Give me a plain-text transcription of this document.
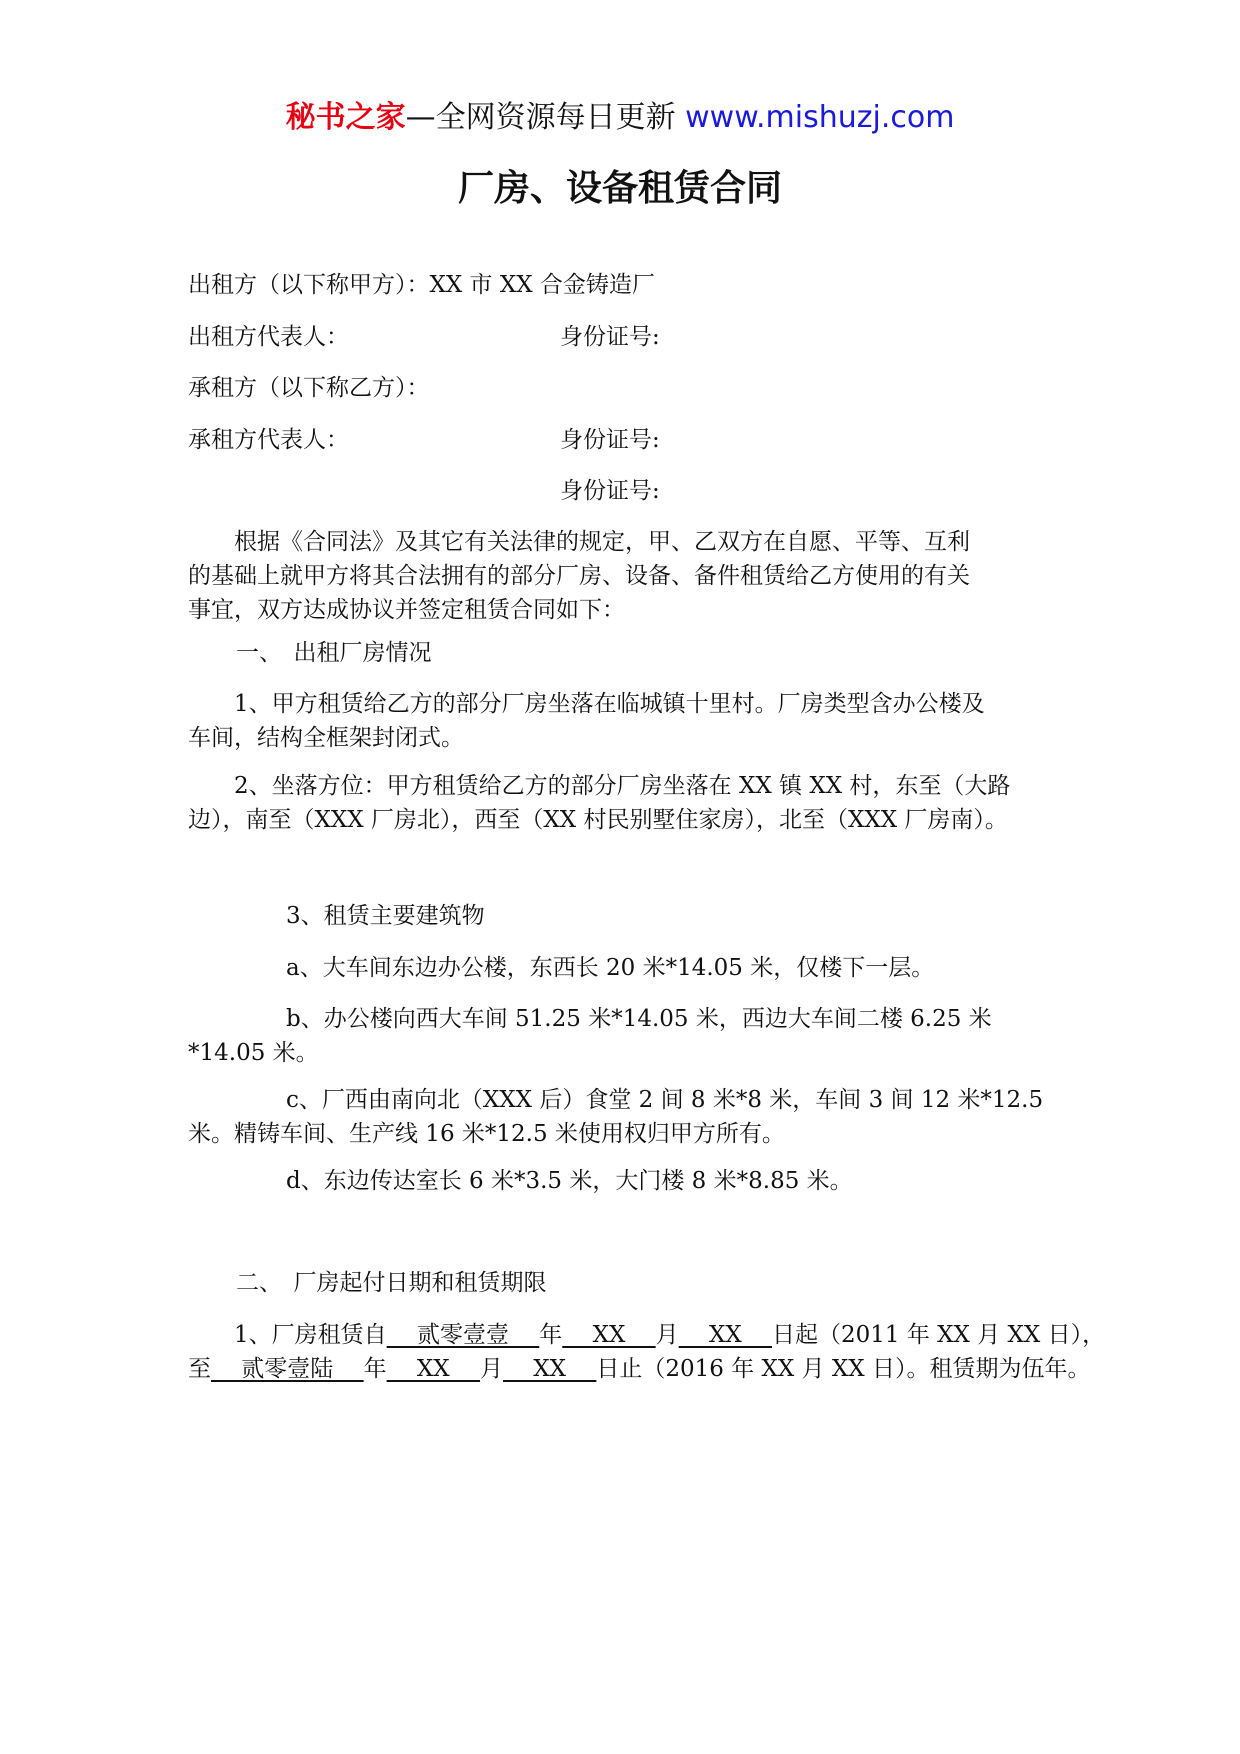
秘书之家—全网资源每日更新 www.mishuzj.com
厂房、设备租赁合同
出租方（以下称甲方）：XX 市 XX 合金铸造厂
出租方代表人：	身份证号:
承租方（以下称乙方）：
承租方代表人：	身份证号:
身份证号:
　　根据《合同法》及其它有关法律的规定，甲、乙双方在自愿、平等、互利
的基础上就甲方将其合法拥有的部分厂房、设备、备件租赁给乙方使用的有关
事宜，双方达成协议并签定租赁合同如下：
一、　出租厂房情况
　　1、甲方租赁给乙方的部分厂房坐落在临城镇十里村。厂房类型含办公楼及
车间，结构全框架封闭式。
　　2、坐落方位：甲方租赁给乙方的部分厂房坐落在 XX 镇 XX 村，东至（大路
边），南至（XXX 厂房北），西至（XX 村民别墅住家房），北至（XXX 厂房南）。
3、租赁主要建筑物
a、大车间东边办公楼，东西长 20 米*14.05 米，仅楼下一层。
b、办公楼向西大车间 51.25 米*14.05 米，西边大车间二楼 6.25 米
*14.05 米。
c、厂西由南向北（XXX 后）食堂 2 间 8 米*8 米，车间 3 间 12 米*12.5
米。精铸车间、生产线 16 米*12.5 米使用权归甲方所有。
d、东边传达室长 6 米*3.5 米，大门楼 8 米*8.85 米。
二、　厂房起付日期和租赁期限
　　1、厂房租赁自　 贰零壹壹　 年　 XX　 月　 XX　 日起（2011 年 XX 月 XX 日），
至　 贰零壹陆　 年　 XX　 月　 XX　 日止（2016 年 XX 月 XX 日）。租赁期为伍年。
